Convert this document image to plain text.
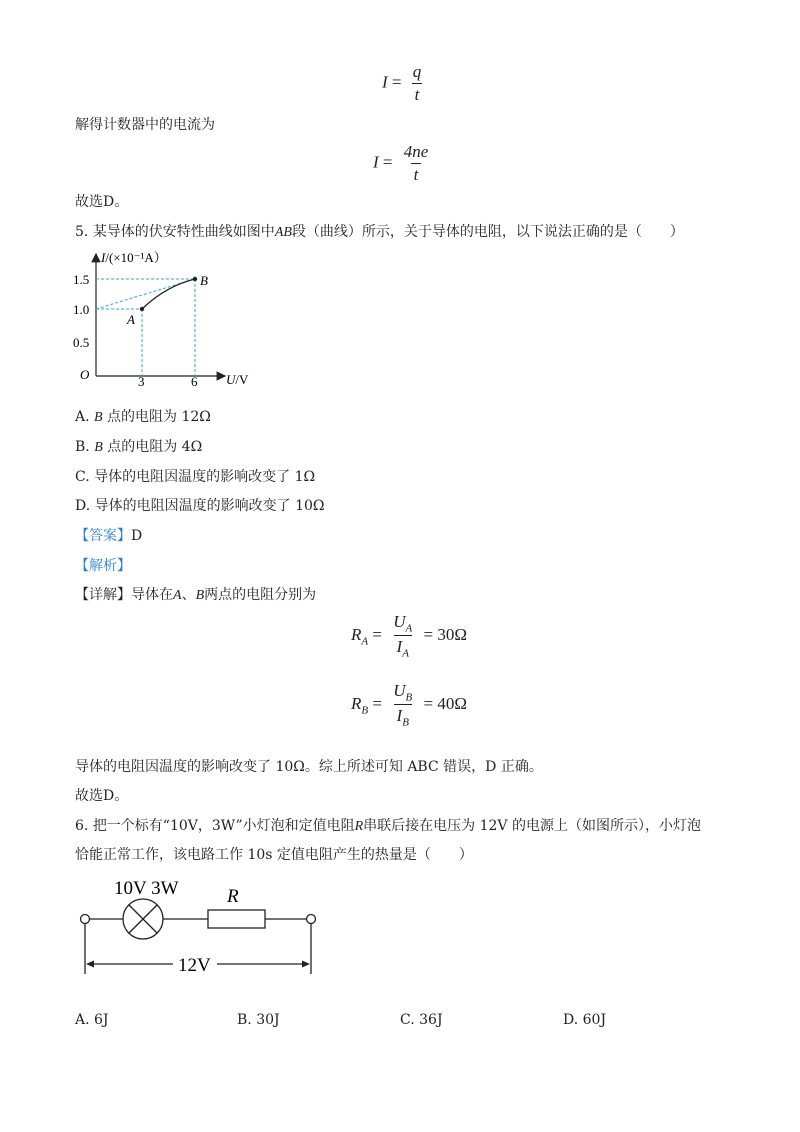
$I = \frac{q}{t}$
解得计数器中的电流为
$I = \frac{4ne}{t}$
故选D。
5. 某导体的伏安特性曲线如图中AB段（曲线）所示，关于导体的电阻，以下说法正确的是（　　）
I/(×10⁻¹A）
1.5
1.0
0.5
O	3	6 U/V
A
B
A. B 点的电阻为 12Ω
B. B 点的电阻为 4Ω
C. 导体的电阻因温度的影响改变了 1Ω
D. 导体的电阻因温度的影响改变了 10Ω
【答案】D
【解析】
【详解】导体在A、B两点的电阻分别为
$R_A = \frac{U_A}{I_A} = 30\Omega$
$R_B = \frac{U_B}{I_B} = 40\Omega$
导体的电阻因温度的影响改变了 10Ω。综上所述可知 ABC 错误，D 正确。
故选D。
6. 把一个标有“10V，3W”小灯泡和定值电阻R串联后接在电压为 12V 的电源上（如图所示），小灯泡
恰能正常工作，该电路工作 10s 定值电阻产生的热量是（　　）
10V 3W	R
12V
A. 6J	B. 30J	C. 36J	D. 60J
